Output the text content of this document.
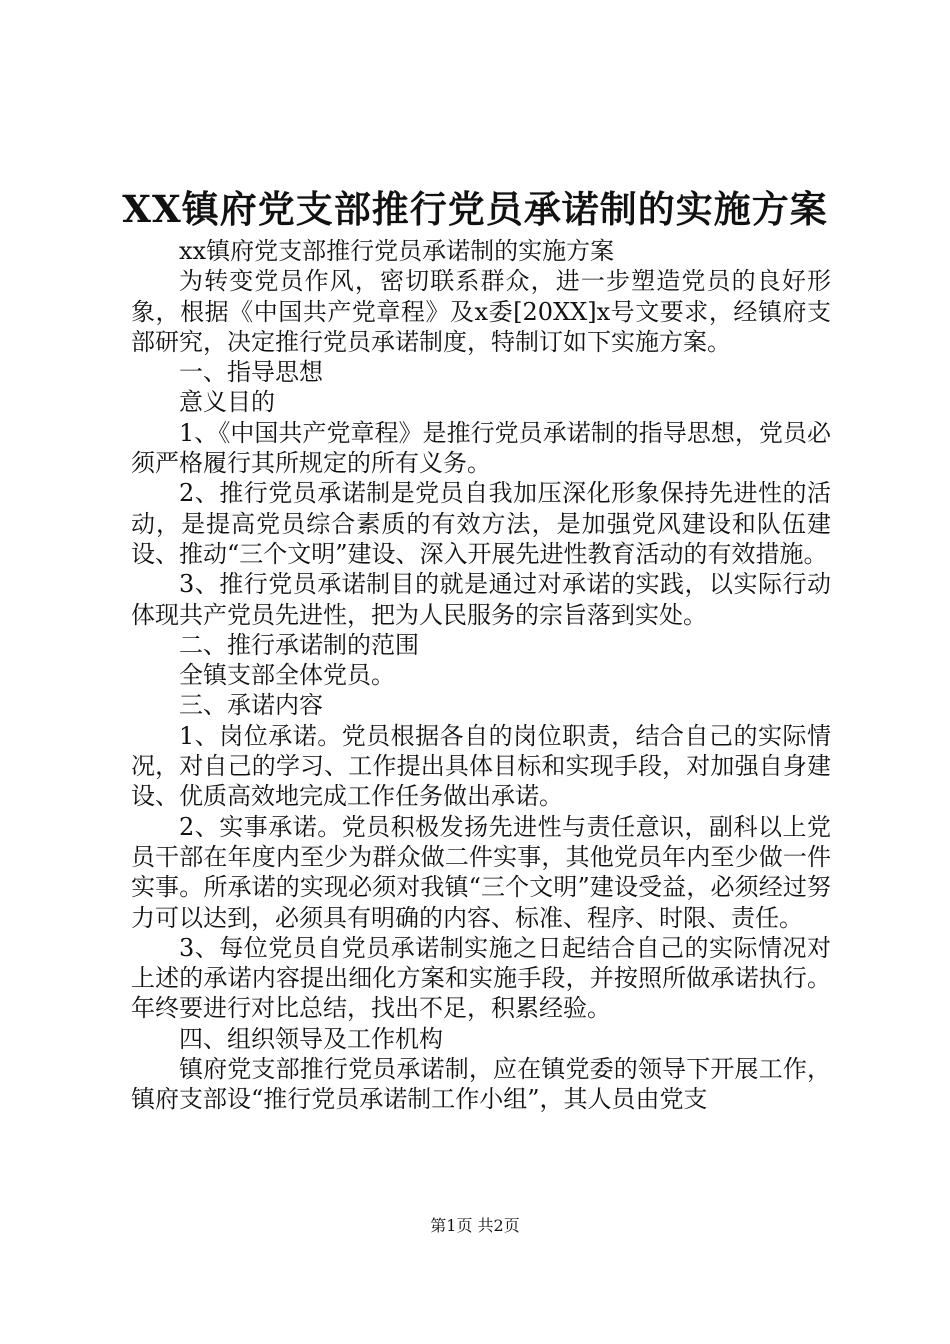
XX镇府党支部推行党员承诺制的实施方案

xx镇府党支部推行党员承诺制的实施方案

为转变党员作风，密切联系群众，进一步塑造党员的良好形象，根据《中国共产党章程》及x委[20XX]x号文要求，经镇府支部研究，决定推行党员承诺制度，特制订如下实施方案。

一、指导思想

意义目的

1、《中国共产党章程》是推行党员承诺制的指导思想，党员必须严格履行其所规定的所有义务。

2、推行党员承诺制是党员自我加压深化形象保持先进性的活动，是提高党员综合素质的有效方法，是加强党风建设和队伍建设、推动“三个文明”建设、深入开展先进性教育活动的有效措施。

3、推行党员承诺制目的就是通过对承诺的实践，以实际行动体现共产党员先进性，把为人民服务的宗旨落到实处。

二、推行承诺制的范围

全镇支部全体党员。

三、承诺内容

1、岗位承诺。党员根据各自的岗位职责，结合自己的实际情况，对自己的学习、工作提出具体目标和实现手段，对加强自身建设、优质高效地完成工作任务做出承诺。

2、实事承诺。党员积极发扬先进性与责任意识，副科以上党员干部在年度内至少为群众做二件实事，其他党员年内至少做一件实事。所承诺的实现必须对我镇“三个文明”建设受益，必须经过努力可以达到，必须具有明确的内容、标准、程序、时限、责任。

3、每位党员自党员承诺制实施之日起结合自己的实际情况对上述的承诺内容提出细化方案和实施手段，并按照所做承诺执行。年终要进行对比总结，找出不足，积累经验。

四、组织领导及工作机构

镇府党支部推行党员承诺制，应在镇党委的领导下开展工作，镇府支部设“推行党员承诺制工作小组”，其人员由党支

第1页 共2页
